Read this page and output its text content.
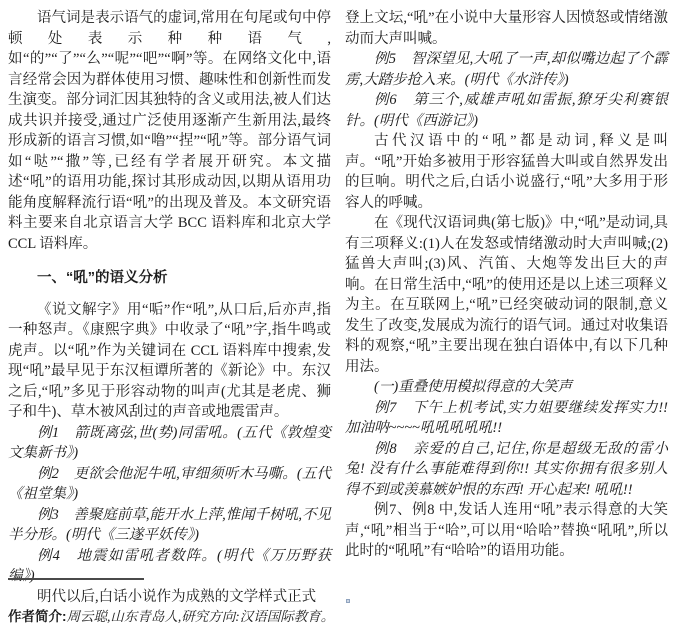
语气词是表示语气的虚词,常用在句尾或句中停顿处表示种种语气,如“的”“了”“么”“呢”“吧”“啊”等。在网络文化中,语言经常会因为群体使用习惯、趣味性和创新性而发生演变。部分词汇因其独特的含义或用法,被人们达成共识并接受,通过广泛使用逐渐产生新用法,最终形成新的语言习惯,如“噜”“捏”“吼”等。部分语气词如“哒”“撒”等,已经有学者展开研究。本文描述“吼”的语用功能,探讨其形成动因,以期从语用功能角度解释流行语“吼”的出现及普及。本文研究语料主要来自北京语言大学 BCC 语料库和北京大学 CCL 语料库。

一、“吼”的语义分析

《说文解字》用“㖃”作“吼”,从口后,后亦声,指一种怒声。《康熙字典》中收录了“吼”字,指牛鸣或虎声。以“吼”作为关键词在 CCL 语料库中搜索,发现“吼”最早见于东汉桓谭所著的《新论》中。东汉之后,“吼”多见于形容动物的叫声(尤其是老虎、狮子和牛)、草木被风刮过的声音或地震雷声。

例1　箭既离弦,世(势)同雷吼。(五代《敦煌变文集新书》)

例2　更欲会他泥牛吼,审细须听木马嘶。(五代《祖堂集》)

例3　善聚庭前草,能开水上萍,惟闻千树吼,不见半分形。(明代《三遂平妖传》)

例4　地震如雷吼者数阵。(明代《万历野获编》)

明代以后,白话小说作为成熟的文学样式正式

登上文坛,“吼”在小说中大量形容人因愤怒或情绪激动而大声叫喊。

例5　智深望见,大吼了一声,却似嘴边起了个霹雳,大踏步抢入来。(明代《水浒传》)

例6　第三个,威雄声吼如雷振,獠牙尖利赛银针。(明代《西游记》)

古代汉语中的“吼”都是动词,释义是叫声。“吼”开始多被用于形容猛兽大叫或自然界发出的巨响。明代之后,白话小说盛行,“吼”大多用于形容人的呼喊。

在《现代汉语词典(第七版)》中,“吼”是动词,具有三项释义:(1)人在发怒或情绪激动时大声叫喊;(2)猛兽大声叫;(3)风、汽笛、大炮等发出巨大的声响。在日常生活中,“吼”的使用还是以上述三项释义为主。在互联网上,“吼”已经突破动词的限制,意义发生了改变,发展成为流行的语气词。通过对收集语料的观察,“吼”主要出现在独白语体中,有以下几种用法。

(一)重叠使用模拟得意的大笑声

例7　下午上机考试,实力姐要继续发挥实力!!加油呐~~~~吼吼吼吼吼!!

例8　亲爱的自己,记住,你是超级无敌的雷小兔! 没有什么事能难得到你!! 其实你拥有很多别人得不到或羡慕嫉妒恨的东西! 开心起来! 吼吼!!

例7、例8 中,发话人连用“吼”表示得意的大笑声,“吼”相当于“哈”,可以用“哈哈”替换“吼吼”,所以此时的“吼吼”有“哈哈”的语用功能。

作者简介:周云聪,山东青岛人,研究方向:汉语国际教育。
